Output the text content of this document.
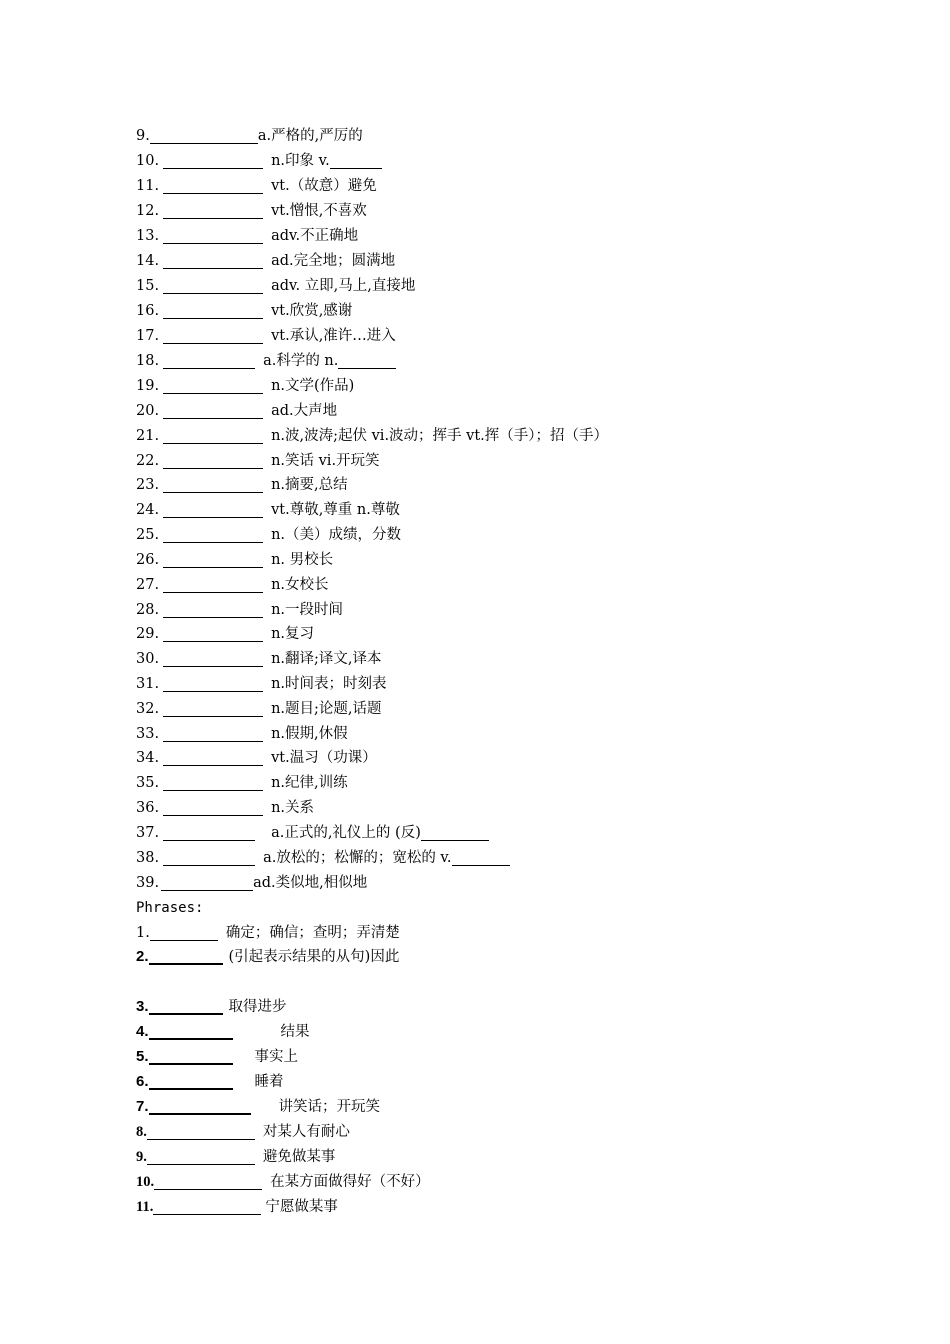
9.	a.严格的,严厉的
10.	n.印象 v.
11.	vt.（故意）避免
12.	vt.憎恨,不喜欢
13.	adv.不正确地
14.	ad.完全地；圆满地
15.	adv. 立即,马上,直接地
16.	vt.欣赏,感谢
17.	vt.承认,准许…进入
18.	a.科学的 n.
19.	n.文学(作品)
20.	ad.大声地
21.	n.波,波涛;起伏 vi.波动；挥手 vt.挥（手）；招（手）
22.	n.笑话 vi.开玩笑
23.	n.摘要,总结
24.	vt.尊敬,尊重 n.尊敬
25.	n.（美）成绩，分数
26.	n. 男校长
27.	n.女校长
28.	n.一段时间
29.	n.复习
30.	n.翻译;译文,译本
31.	n.时间表；时刻表
32.	n.题目;论题,话题
33.	n.假期,休假
34.	vt.温习（功课）
35.	n.纪律,训练
36.	n.关系
37.	a.正式的,礼仪上的 (反)
38.	a.放松的；松懈的；宽松的 v.
39.	ad.类似地,相似地
Phrases:
1.	确定；确信；查明；弄清楚
2.	(引起表示结果的从句)因此
3.	取得进步
4.	结果
5.	事实上
6.	睡着
7.	讲笑话；开玩笑
8.	对某人有耐心
9.	避免做某事
10.	在某方面做得好（不好）
11.	宁愿做某事
